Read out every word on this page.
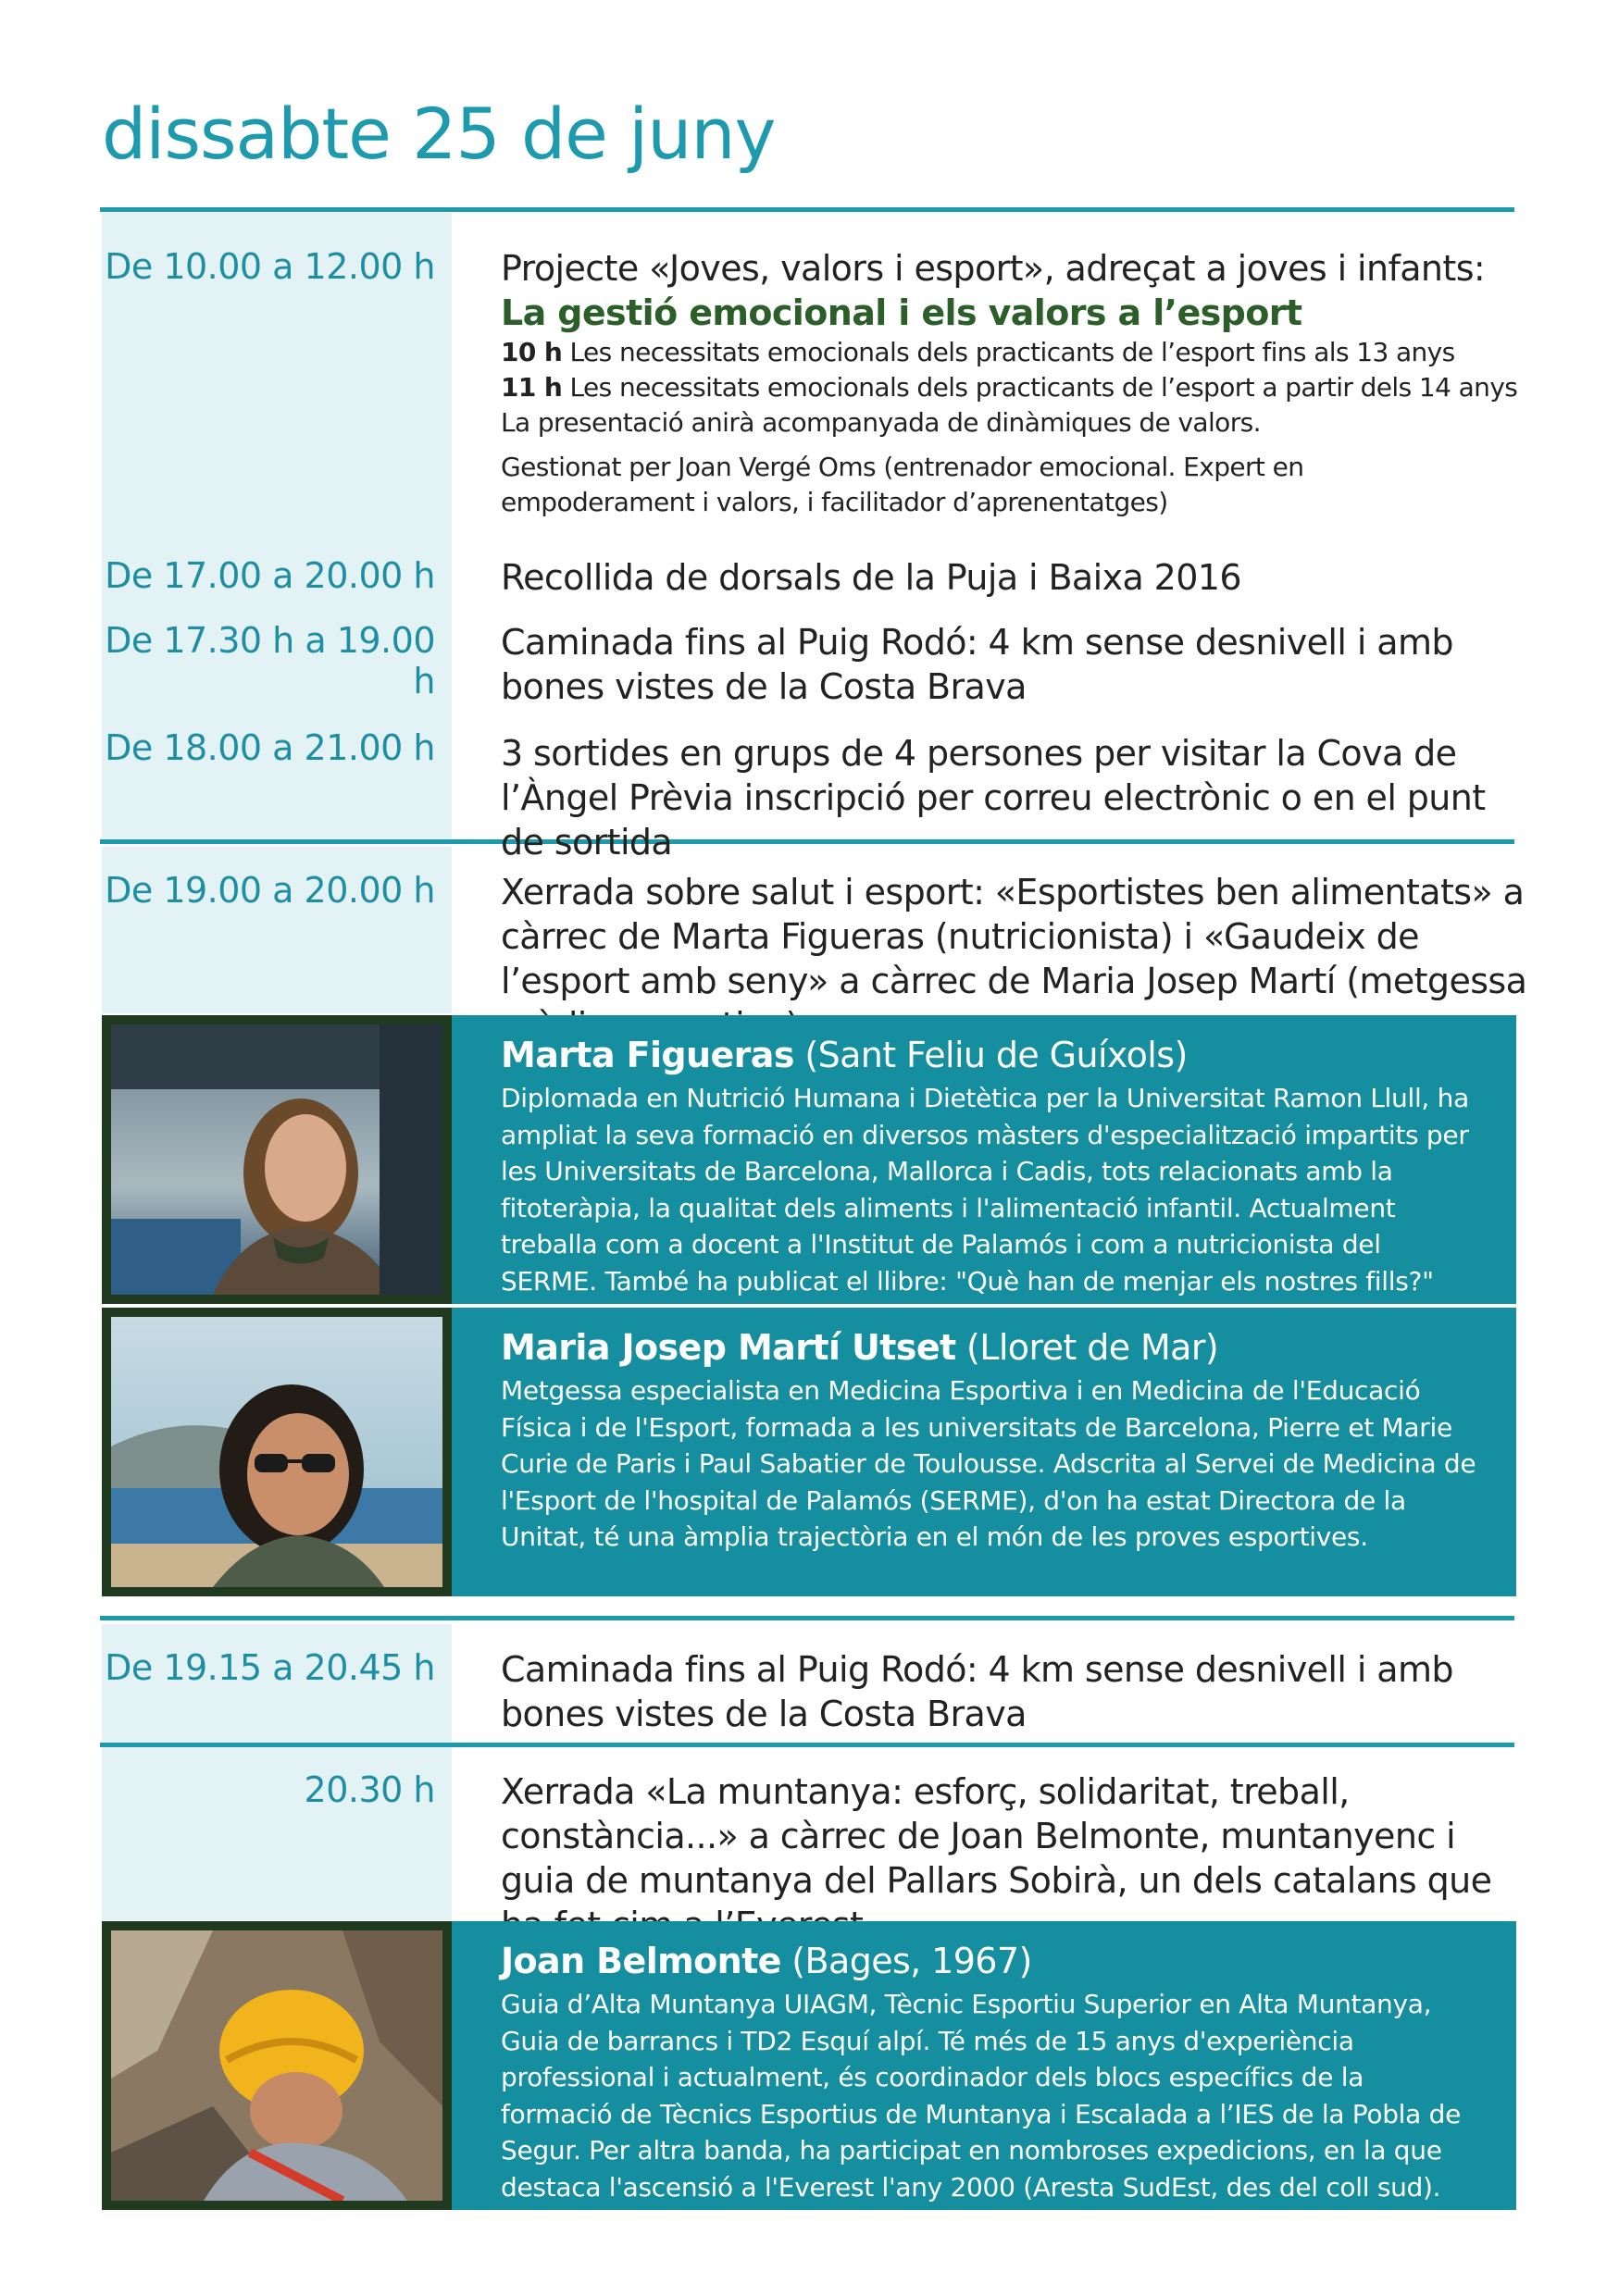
dissabte 25 de juny
De 10.00 a 12.00 h Projecte «Joves, valors i esport», adreçat a joves i infants:

La gestió emocional i els valors a l’esport

10 h Les necessitats emocionals dels practicants de l’esport fins als 13 anys

11 h Les necessitats emocionals dels practicants de l’esport a partir dels 14 anys

La presentació anirà acompanyada de dinàmiques de valors.

Gestionat per Joan Vergé Oms (entrenador emocional. Expert en empoderament i valors, i facilitador d’aprenentatges)

De 17.00 a 20.00 h Recollida de dorsals de la Puja i Baixa 2016
De 17.30 h a 19.00 h
Caminada fins al Puig Rodó: 4 km sense desnivell i amb bones vistes de la Costa Brava
De 18.00 a 21.00 h 3 sortides en grups de 4 persones per visitar la Cova de l’Àngel Prèvia inscripció per correu electrònic o en el punt de sortida
De 19.00 a 20.00 h Xerrada sobre salut i esport: «Esportistes ben alimentats» a càrrec de Marta Figueras (nutricionista) i «Gaudeix de l’esport amb seny» a càrrec de Maria Josep Martí (metgessa

Marta Figueras (Sant Feliu de Guíxols)

Diplomada en Nutrició Humana i Dietètica per la Universitat Ramon Llull, ha ampliat la seva formació en diversos màsters d'especialització impartits per les Universitats de Barcelona, Mallorca i Cadis, tots relacionats amb la fitoteràpia, la qualitat dels aliments i l'alimentació infantil. Actualment treballa com a docent a l'Institut de Palamós i com a nutricionista del SERME. També ha publicat el llibre: "Què han de menjar els nostres fills?"

Maria Josep Martí Utset (Lloret de Mar)

Metgessa especialista en Medicina Esportiva i en Medicina de l'Educació Física i de l'Esport, formada a les universitats de Barcelona, Pierre et Marie Curie de Paris i Paul Sabatier de Toulousse. Adscrita al Servei de Medicina de l'Esport de l'hospital de Palamós (SERME), d'on ha estat Directora de la Unitat, té una àmplia trajectòria en el món de les proves esportives.

De 19.15 a 20.45 h Caminada fins al Puig Rodó: 4 km sense desnivell i amb bones vistes de la Costa Brava
20.30 h Xerrada «La muntanya: esforç, solidaritat, treball, constància...» a càrrec de Joan Belmonte, muntanyenc i guia de muntanya del Pallars Sobirà, un dels catalans que

Joan Belmonte (Bages, 1967)

Guia d’Alta Muntanya UIAGM, Tècnic Esportiu Superior en Alta Muntanya, Guia de barrancs i TD2 Esquí alpí. Té més de 15 anys d'experiència professional i actualment, és coordinador dels blocs específics de la formació de Tècnics Esportius de Muntanya i Escalada a l’IES de la Pobla de Segur. Per altra banda, ha participat en nombroses expedicions, en la que destaca l'ascensió a l'Everest l'any 2000 (Aresta SudEst, des del coll sud).
